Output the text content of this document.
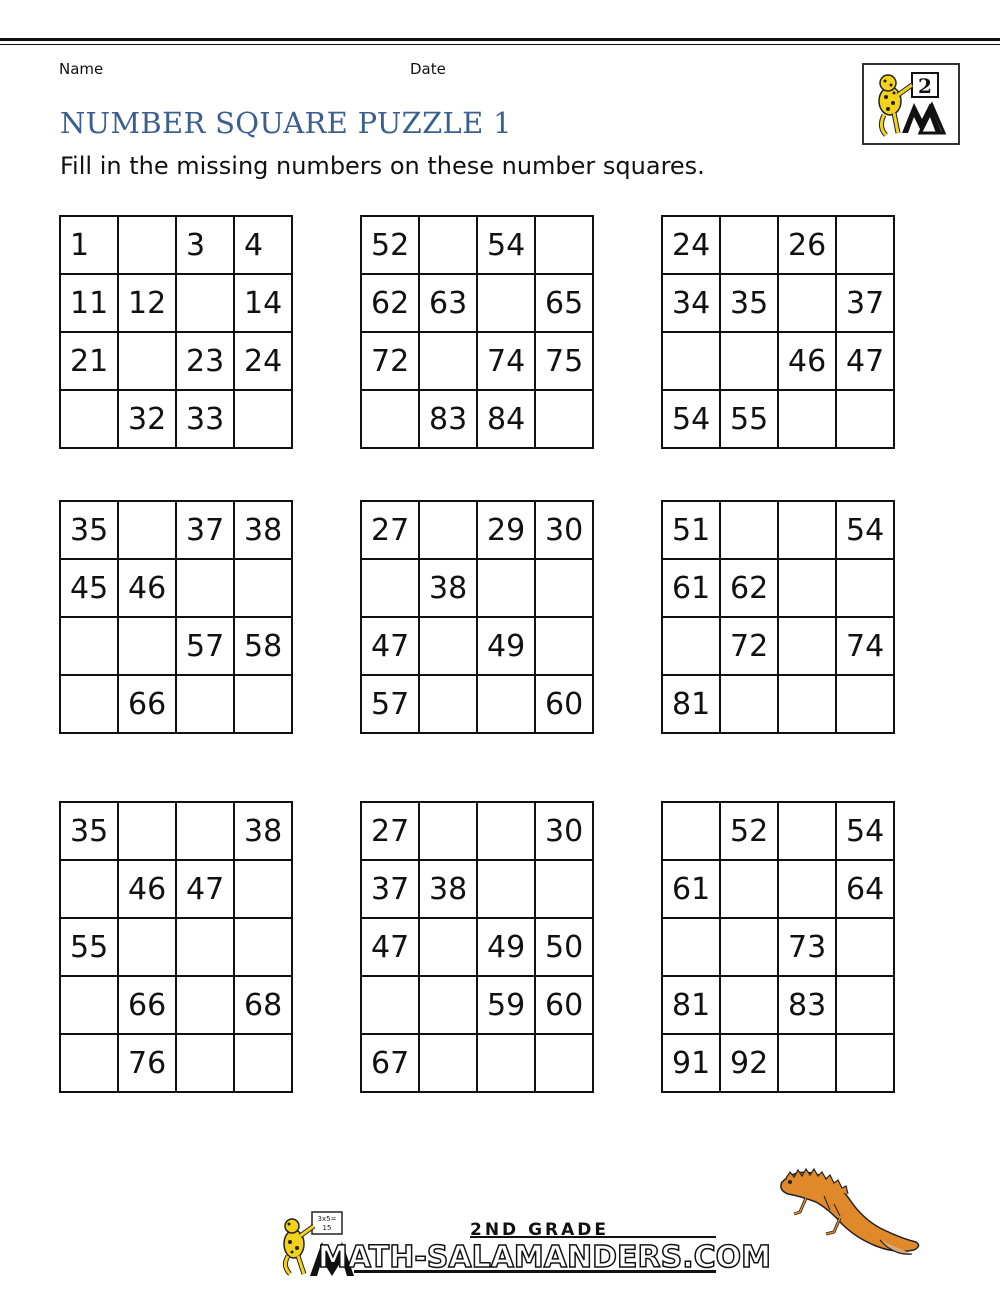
Name	Date
NUMBER SQUARE PUZZLE 1
Fill in the missing numbers on these number squares.
2
1		3	4
11	12		14
21		23	24
	32	33	
52		54	
62	63		65
72		74	75
	83	84	
24		26	
34	35		37
		46	47
54	55		
35		37	38
45	46		
		57	58
	66		
27		29	30
	38		
47		49	
57			60
51			54
61	62		
	72		74
81			
35			38
	46	47	
55			
	66		68
	76		
27			30
37	38		
47		49	50
		59	60
67			
	52		54
61			64
		73	
81		83	
91	92		
3x5=
15	2ND GRADE
MATH-SALAMANDERS.COM
